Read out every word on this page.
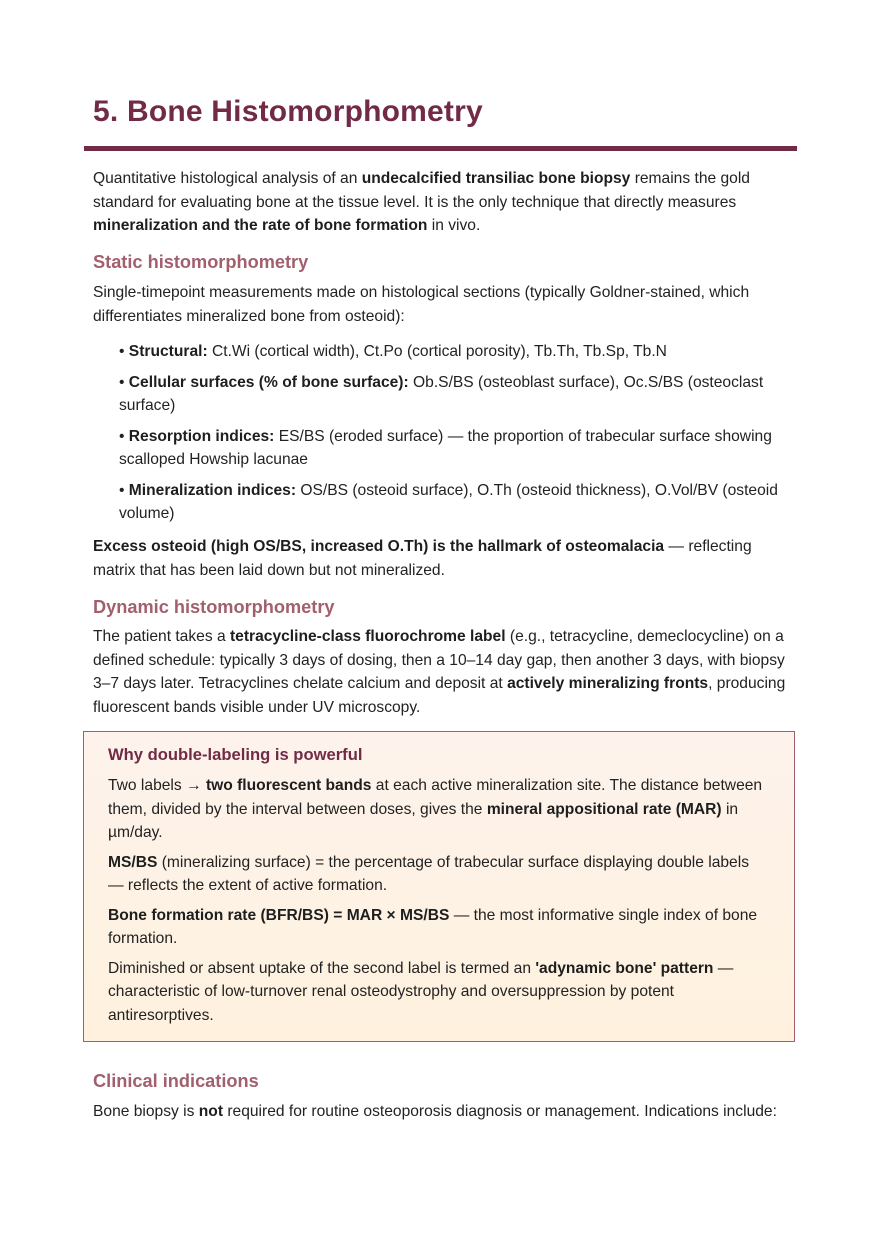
5. Bone Histomorphometry

Quantitative histological analysis of an undecalcified transiliac bone biopsy remains the gold standard for evaluating bone at the tissue level. It is the only technique that directly measures mineralization and the rate of bone formation in vivo.

Static histomorphometry

Single-timepoint measurements made on histological sections (typically Goldner-stained, which differentiates mineralized bone from osteoid):

• Structural: Ct.Wi (cortical width), Ct.Po (cortical porosity), Tb.Th, Tb.Sp, Tb.N
• Cellular surfaces (% of bone surface): Ob.S/BS (osteoblast surface), Oc.S/BS (osteoclast surface)
• Resorption indices: ES/BS (eroded surface) — the proportion of trabecular surface showing scalloped Howship lacunae
• Mineralization indices: OS/BS (osteoid surface), O.Th (osteoid thickness), O.Vol/BV (osteoid volume)

Excess osteoid (high OS/BS, increased O.Th) is the hallmark of osteomalacia — reflecting matrix that has been laid down but not mineralized.

Dynamic histomorphometry

The patient takes a tetracycline-class fluorochrome label (e.g., tetracycline, demeclocycline) on a defined schedule: typically 3 days of dosing, then a 10–14 day gap, then another 3 days, with biopsy 3–7 days later. Tetracyclines chelate calcium and deposit at actively mineralizing fronts, producing fluorescent bands visible under UV microscopy.

Why double-labeling is powerful

Two labels → two fluorescent bands at each active mineralization site. The distance between them, divided by the interval between doses, gives the mineral appositional rate (MAR) in µm/day.

MS/BS (mineralizing surface) = the percentage of trabecular surface displaying double labels — reflects the extent of active formation.

Bone formation rate (BFR/BS) = MAR × MS/BS — the most informative single index of bone formation.

Diminished or absent uptake of the second label is termed an 'adynamic bone' pattern — characteristic of low-turnover renal osteodystrophy and oversuppression by potent antiresorptives.

Clinical indications

Bone biopsy is not required for routine osteoporosis diagnosis or management. Indications include:
